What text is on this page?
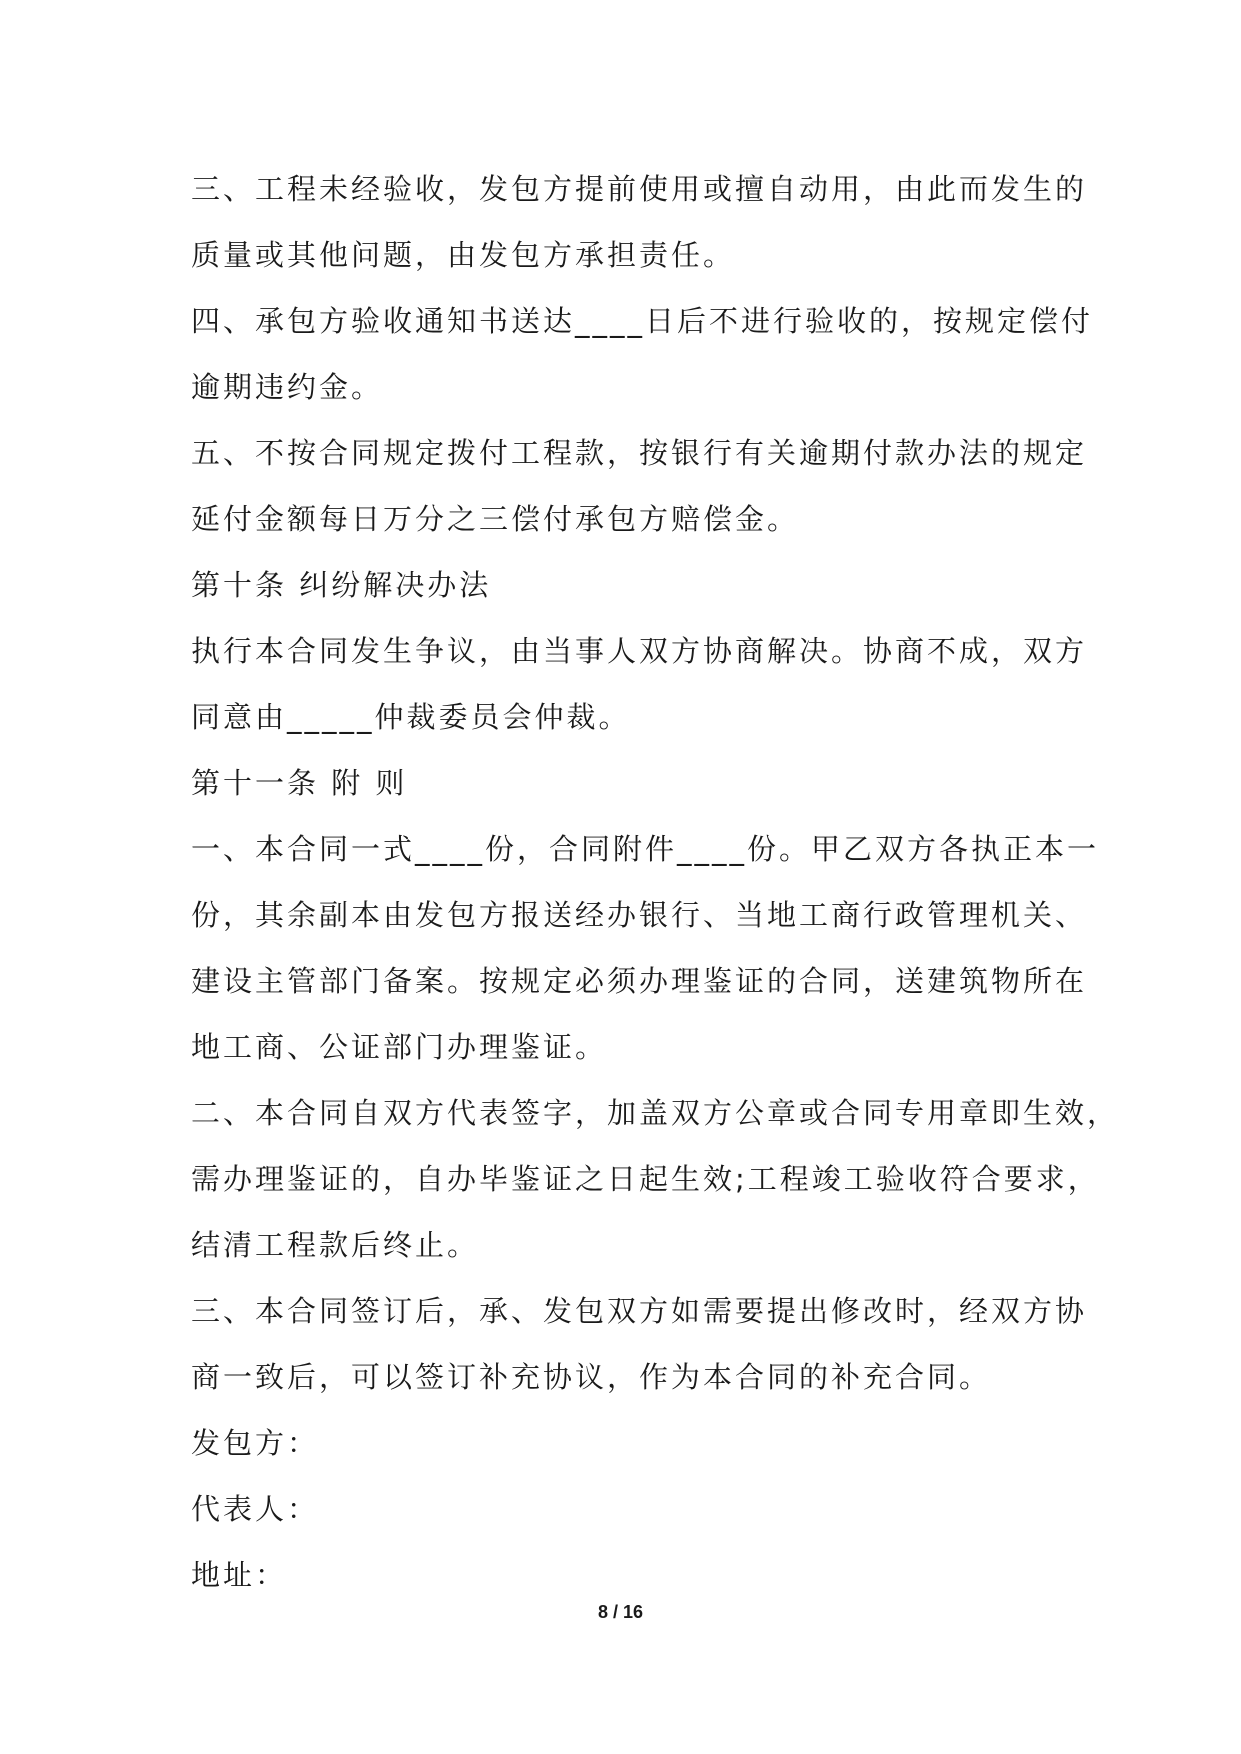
三、工程未经验收，发包方提前使用或擅自动用，由此而发生的
质量或其他问题，由发包方承担责任。
四、承包方验收通知书送达____日后不进行验收的，按规定偿付
逾期违约金。
五、不按合同规定拨付工程款，按银行有关逾期付款办法的规定
延付金额每日万分之三偿付承包方赔偿金。
第十条 纠纷解决办法
执行本合同发生争议，由当事人双方协商解决。协商不成，双方
同意由_____仲裁委员会仲裁。
第十一条 附 则
一、本合同一式____份，合同附件____份。甲乙双方各执正本一
份，其余副本由发包方报送经办银行、当地工商行政管理机关、
建设主管部门备案。按规定必须办理鉴证的合同，送建筑物所在
地工商、公证部门办理鉴证。
二、本合同自双方代表签字，加盖双方公章或合同专用章即生效，
需办理鉴证的，自办毕鉴证之日起生效;工程竣工验收符合要求，
结清工程款后终止。
三、本合同签订后，承、发包双方如需要提出修改时，经双方协
商一致后，可以签订补充协议，作为本合同的补充合同。
发包方：
代表人：
地址：
8 / 16
